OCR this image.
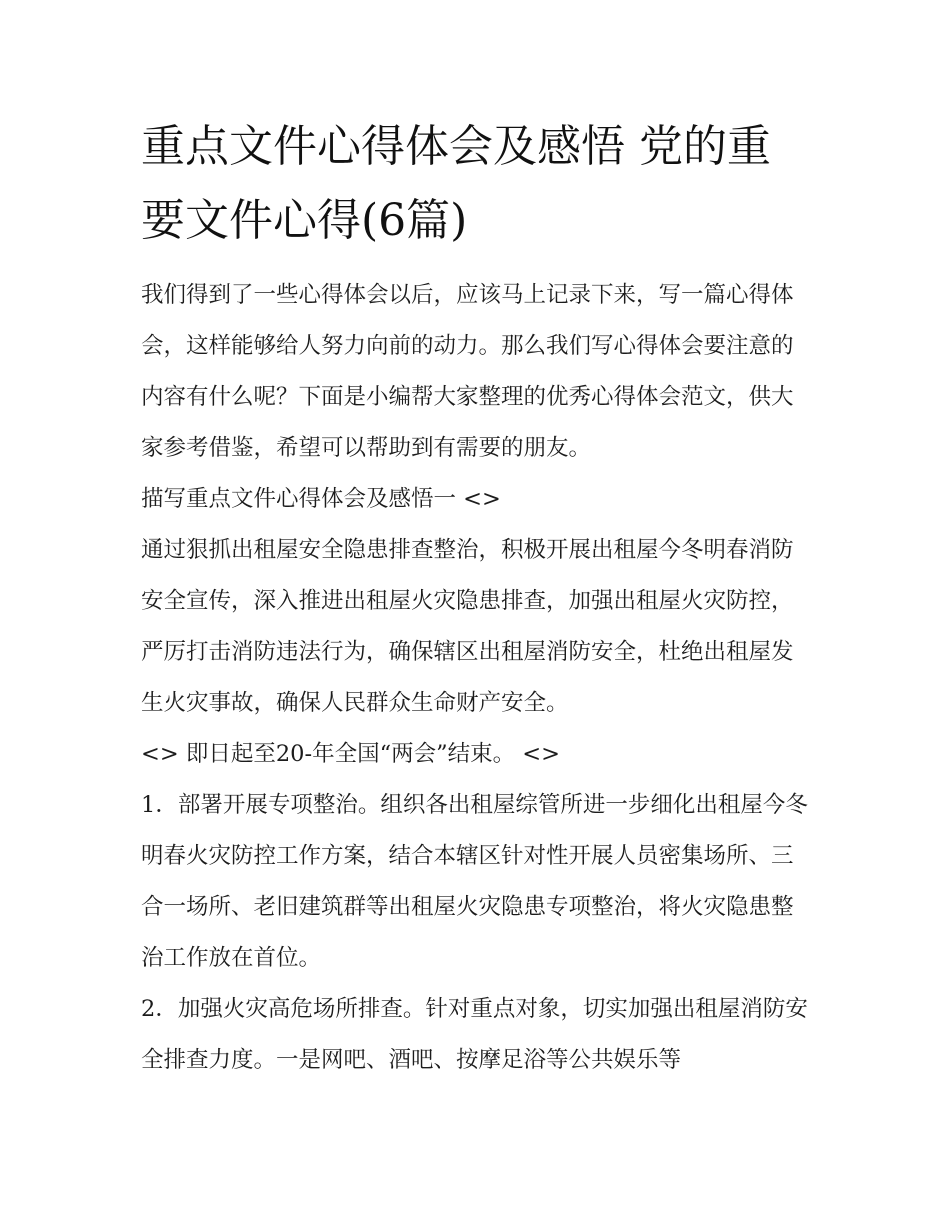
重点文件心得体会及感悟 党的重要文件心得(6篇)

我们得到了一些心得体会以后，应该马上记录下来，写一篇心得体会，这样能够给人努力向前的动力。那么我们写心得体会要注意的内容有什么呢？下面是小编帮大家整理的优秀心得体会范文，供大家参考借鉴，希望可以帮助到有需要的朋友。

描写重点文件心得体会及感悟一 <>

通过狠抓出租屋安全隐患排查整治，积极开展出租屋今冬明春消防安全宣传，深入推进出租屋火灾隐患排查，加强出租屋火灾防控，严厉打击消防违法行为，确保辖区出租屋消防安全，杜绝出租屋发生火灾事故，确保人民群众生命财产安全。

<> 即日起至20-年全国“两会”结束。 <>

1．部署开展专项整治。组织各出租屋综管所进一步细化出租屋今冬明春火灾防控工作方案，结合本辖区针对性开展人员密集场所、三合一场所、老旧建筑群等出租屋火灾隐患专项整治，将火灾隐患整治工作放在首位。

2．加强火灾高危场所排查。针对重点对象，切实加强出租屋消防安全排查力度。一是网吧、酒吧、按摩足浴等公共娱乐等
